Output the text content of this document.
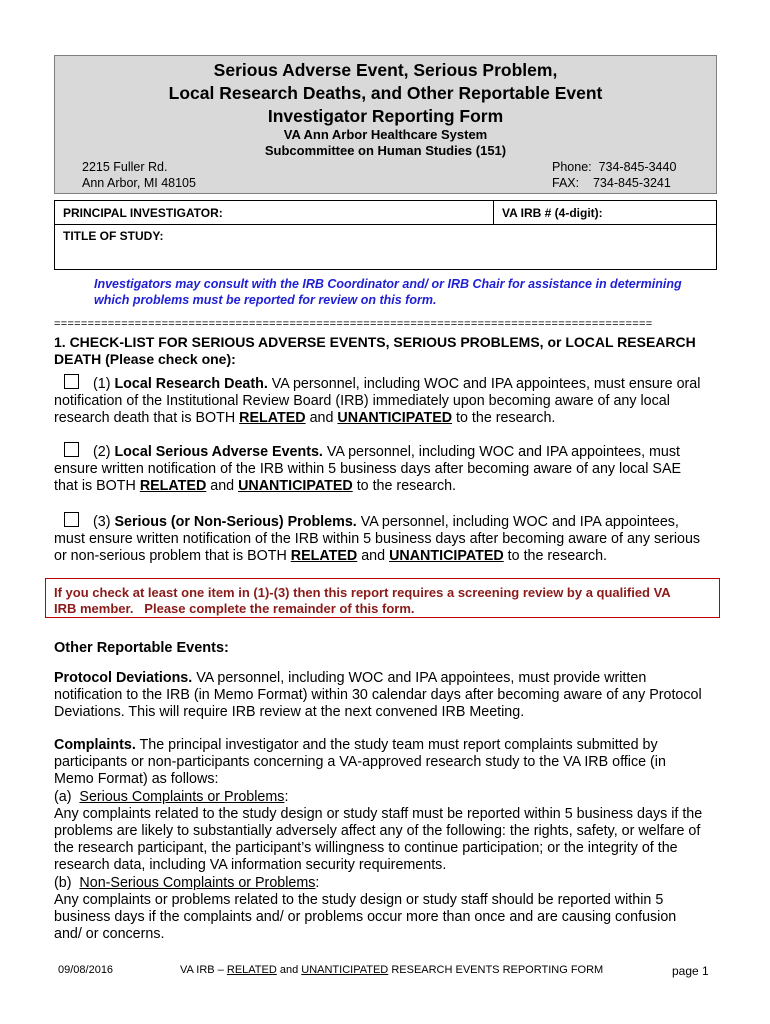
Serious Adverse Event, Serious Problem,
Local Research Deaths, and Other Reportable Event
Investigator Reporting Form
VA Ann Arbor Healthcare System
Subcommittee on Human Studies (151)
2215 Fuller Rd.
Ann Arbor, MI 48105
Phone:  734-845-3440
FAX:    734-845-3241
PRINCIPAL INVESTIGATOR:	VA IRB # (4-digit):
TITLE OF STUDY:
Investigators may consult with the IRB Coordinator and/ or IRB Chair for assistance in determining
which problems must be reported for review on this form.
=========================================================================================
1. CHECK-LIST FOR SERIOUS ADVERSE EVENTS, SERIOUS PROBLEMS, or LOCAL RESEARCH
DEATH (Please check one):
(1) Local Research Death. VA personnel, including WOC and IPA appointees, must ensure oral
notification of the Institutional Review Board (IRB) immediately upon becoming aware of any local
research death that is BOTH RELATED and UNANTICIPATED to the research.
(2) Local Serious Adverse Events. VA personnel, including WOC and IPA appointees, must
ensure written notification of the IRB within 5 business days after becoming aware of any local SAE
that is BOTH RELATED and UNANTICIPATED to the research.
(3) Serious (or Non-Serious) Problems. VA personnel, including WOC and IPA appointees,
must ensure written notification of the IRB within 5 business days after becoming aware of any serious
or non-serious problem that is BOTH RELATED and UNANTICIPATED to the research.
If you check at least one item in (1)-(3) then this report requires a screening review by a qualified VA
IRB member.   Please complete the remainder of this form.
Other Reportable Events:
Protocol Deviations. VA personnel, including WOC and IPA appointees, must provide written
notification to the IRB (in Memo Format) within 30 calendar days after becoming aware of any Protocol
Deviations. This will require IRB review at the next convened IRB Meeting.
Complaints. The principal investigator and the study team must report complaints submitted by
participants or non-participants concerning a VA-approved research study to the VA IRB office (in
Memo Format) as follows:
(a)  Serious Complaints or Problems:
Any complaints related to the study design or study staff must be reported within 5 business days if the
problems are likely to substantially adversely affect any of the following: the rights, safety, or welfare of
the research participant, the participant’s willingness to continue participation; or the integrity of the
research data, including VA information security requirements.
(b)  Non-Serious Complaints or Problems:
Any complaints or problems related to the study design or study staff should be reported within 5
business days if the complaints and/ or problems occur more than once and are causing confusion
and/ or concerns.
09/08/2016	VA IRB – RELATED and UNANTICIPATED RESEARCH EVENTS REPORTING FORM	page 1
